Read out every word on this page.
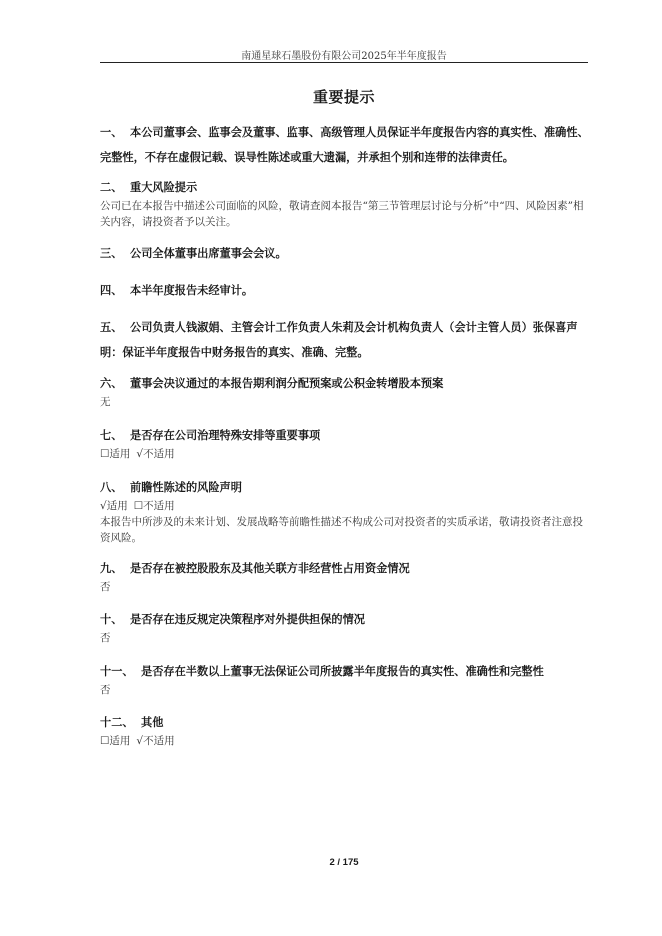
南通星球石墨股份有限公司2025年半年度报告
重要提示
一、 本公司董事会、监事会及董事、监事、高级管理人员保证半年度报告内容的真实性、准确性、完整性，不存在虚假记载、误导性陈述或重大遗漏，并承担个别和连带的法律责任。
二、 重大风险提示
公司已在本报告中描述公司面临的风险，敬请查阅本报告“第三节管理层讨论与分析”中“四、风险因素”相关内容，请投资者予以关注。
三、 公司全体董事出席董事会会议。
四、 本半年度报告未经审计。
五、 公司负责人钱淑娟、主管会计工作负责人朱莉及会计机构负责人（会计主管人员）张保喜声明：保证半年度报告中财务报告的真实、准确、完整。
六、 董事会决议通过的本报告期利润分配预案或公积金转增股本预案
无
七、 是否存在公司治理特殊安排等重要事项
☐适用 √不适用
八、 前瞻性陈述的风险声明
√适用 ☐不适用
本报告中所涉及的未来计划、发展战略等前瞻性描述不构成公司对投资者的实质承诺，敬请投资者注意投资风险。
九、 是否存在被控股股东及其他关联方非经营性占用资金情况
否
十、 是否存在违反规定决策程序对外提供担保的情况
否
十一、 是否存在半数以上董事无法保证公司所披露半年度报告的真实性、准确性和完整性
否
十二、 其他
☐适用 √不适用
2 / 175
